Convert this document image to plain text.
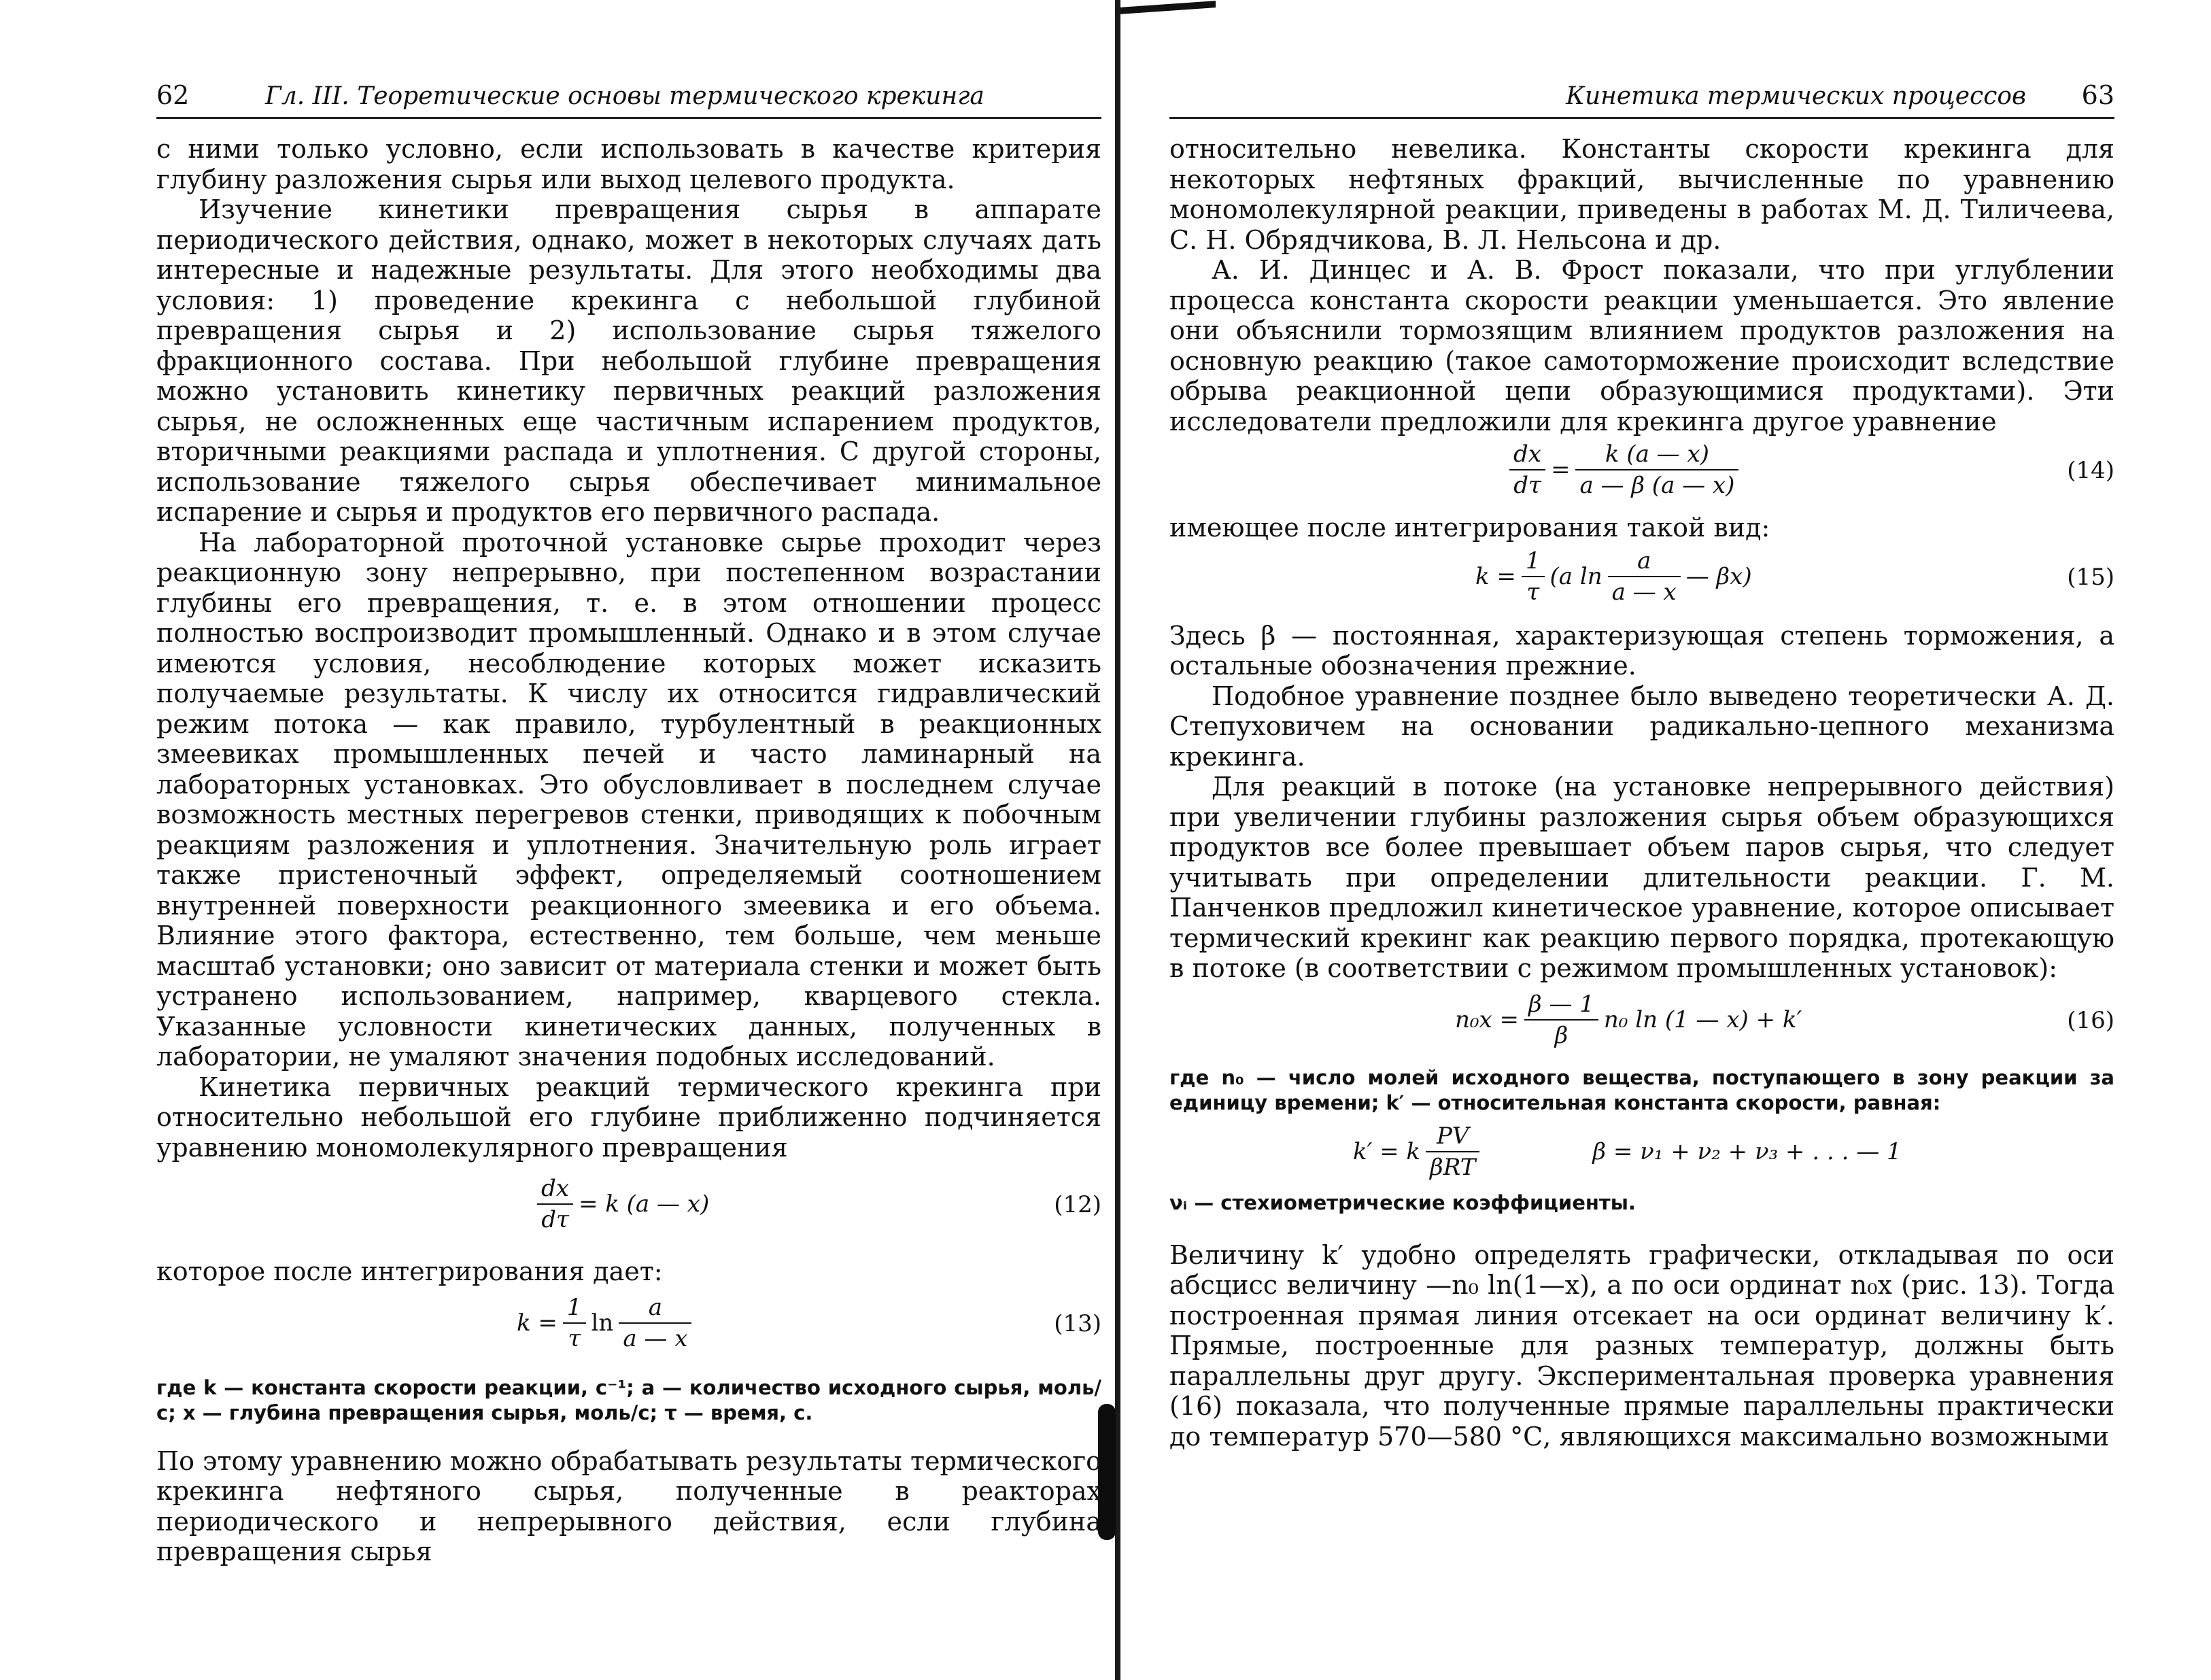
62	Гл. III. Теоретические основы термического крекинга

с ними только условно, если использовать в качестве критерия глубину разложения сырья или выход целевого продукта.

Изучение кинетики превращения сырья в аппарате периодического действия, однако, может в некоторых случаях дать интересные и надежные результаты. Для этого необходимы два условия: 1) проведение крекинга с небольшой глубиной превращения сырья и 2) использование сырья тяжелого фракционного состава. При небольшой глубине превращения можно установить кинетику первичных реакций разложения сырья, не осложненных еще частичным испарением продуктов, вторичными реакциями распада и уплотнения. С другой стороны, использование тяжелого сырья обеспечивает минимальное испарение и сырья и продуктов его первичного распада.

На лабораторной проточной установке сырье проходит через реакционную зону непрерывно, при постепенном возрастании глубины его превращения, т. е. в этом отношении процесс полностью воспроизводит промышленный. Однако и в этом случае имеются условия, несоблюдение которых может исказить получаемые результаты. К числу их относится гидравлический режим потока — как правило, турбулентный в реакционных змеевиках промышленных печей и часто ламинарный на лабораторных установках. Это обусловливает в последнем случае возможность местных перегревов стенки, приводящих к побочным реакциям разложения и уплотнения. Значительную роль играет также пристеночный эффект, определяемый соотношением внутренней поверхности реакционного змеевика и его объема. Влияние этого фактора, естественно, тем больше, чем меньше масштаб установки; оно зависит от материала стенки и может быть устранено использованием, например, кварцевого стекла. Указанные условности кинетических данных, полученных в лаборатории, не умаляют значения подобных исследований.

Кинетика первичных реакций термического крекинга при относительно небольшой его глубине приближенно подчиняется уравнению мономолекулярного превращения

$\frac{dx}{d\tau} = k$ (a — x)	(12)

которое после интегрирования дает:

$k = \frac{1}{\tau}$ $\ln \frac{a}{a — x}$	(13)

где k — константа скорости реакции, с⁻¹; a — количество исходного сырья, моль/с; x — глубина превращения сырья, моль/с; τ — время, с.

По этому уравнению можно обрабатывать результаты термического крекинга нефтяного сырья, полученные в реакторах периодического и непрерывного действия, если глубина превращения сырья

Кинетика термических процессов 63

относительно невелика. Константы скорости крекинга для некоторых нефтяных фракций, вычисленные по уравнению мономолекулярной реакции, приведены в работах М. Д. Тиличеева, С. Н. Обрядчикова, В. Л. Нельсона и др.

А. И. Динцес и А. В. Фрост показали, что при углублении процесса константа скорости реакции уменьшается. Это явление они объяснили тормозящим влиянием продуктов разложения на основную реакцию (такое самоторможение происходит вследствие обрыва реакционной цепи образующимися продуктами). Эти исследователи предложили для крекинга другое уравнение

$\frac{dx}{d\tau} = \frac{k (a — x)}{a — \beta (a — x)}$	(14)

имеющее после интегрирования такой вид:

$k = \frac{1}{\tau} (a$ $\ln \frac{a}{a — x}$ — βx)	(15)

Здесь β — постоянная, характеризующая степень торможения, а остальные обозначения прежние.

Подобное уравнение позднее было выведено теоретически А. Д. Степуховичем на основании радикально-цепного механизма крекинга.

Для реакций в потоке (на установке непрерывного действия) при увеличении глубины разложения сырья объем образующихся продуктов все более превышает объем паров сырья, что следует учитывать при определении длительности реакции. Г. М. Панченков предложил кинетическое уравнение, которое описывает термический крекинг как реакцию первого порядка, протекающую в потоке (в соответствии с режимом промышленных установок):

$n_0x = \frac{\beta — 1}{\beta} n_0$ ln (1 — x) + k′	(16)

где n₀ — число молей исходного вещества, поступающего в зону реакции за единицу времени; k′ — относительная константа скорости, равная:

k′ = k $\frac{PV}{\text{βRT}}$	β = ν₁ + ν₂ + ν₃ + . . . — 1

νᵢ — стехиометрические коэффициенты.

Величину k′ удобно определять графически, откладывая по оси абсцисс величину —n₀ ln(1—x), а по оси ординат n₀x (рис. 13). Тогда построенная прямая линия отсекает на оси ординат величину k′. Прямые, построенные для разных температур, должны быть параллельны друг другу. Экспериментальная проверка уравнения (16) показала, что полученные прямые параллельны практически до температур 570—580 °С, являющихся максимально возможными
